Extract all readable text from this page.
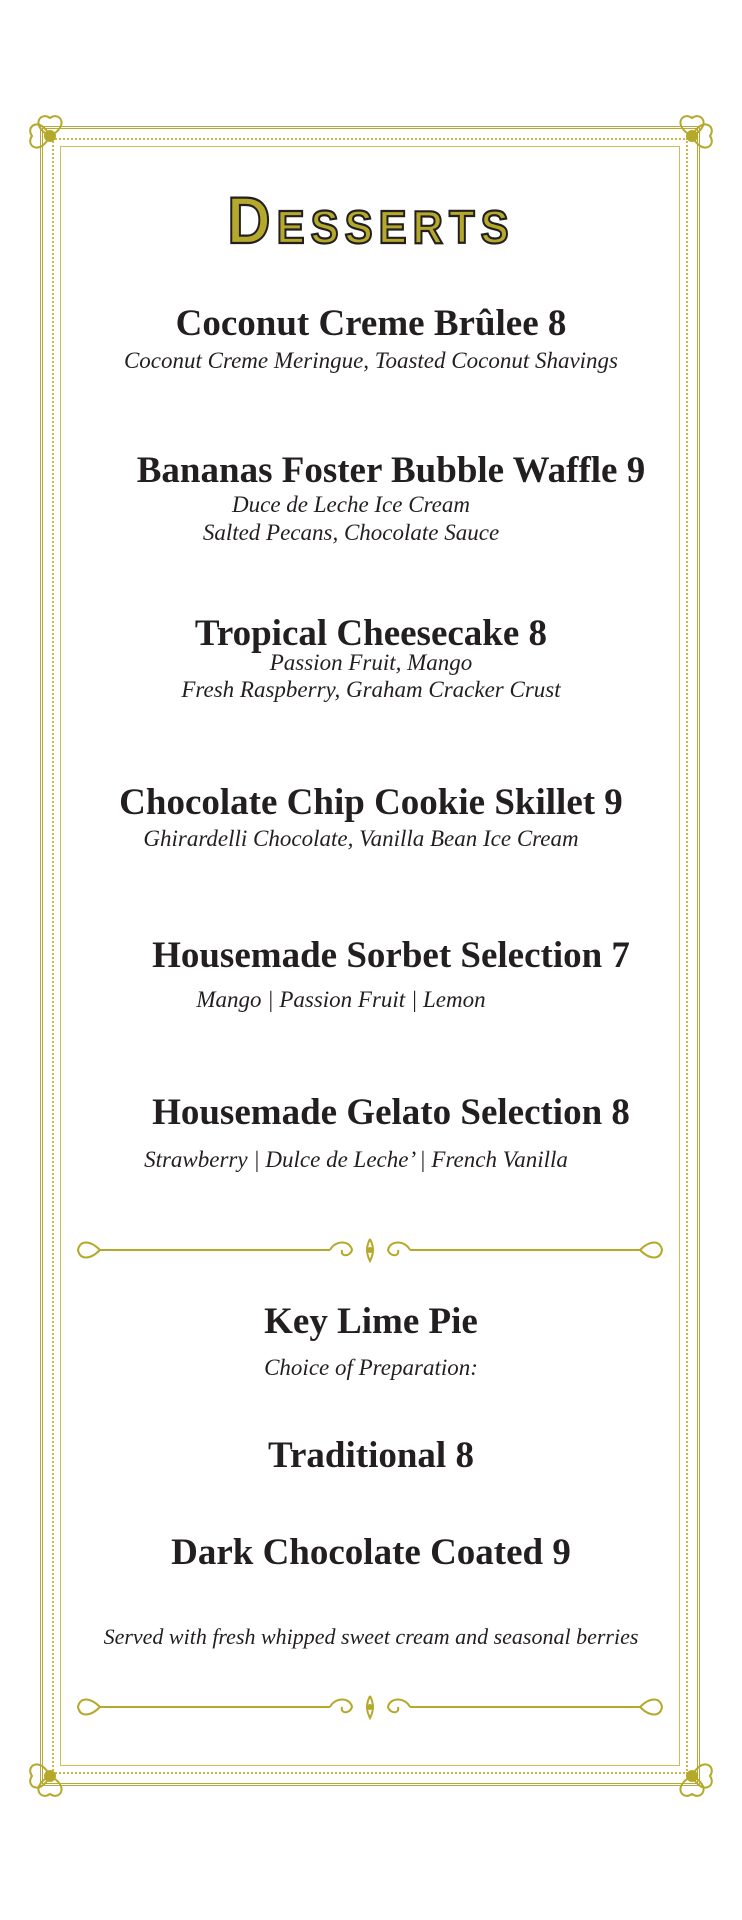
Desserts
Coconut Creme Brûlee 8
Coconut Creme Meringue, Toasted Coconut Shavings
Bananas Foster Bubble Waffle 9
Duce de Leche Ice Cream
Salted Pecans, Chocolate Sauce
Tropical Cheesecake 8
Passion Fruit, Mango
Fresh Raspberry, Graham Cracker Crust
Chocolate Chip Cookie Skillet 9
Ghirardelli Chocolate, Vanilla Bean Ice Cream
Housemade Sorbet Selection 7
Mango | Passion Fruit | Lemon
Housemade Gelato Selection 8
Strawberry | Dulce de Leche’ | French Vanilla
Key Lime Pie
Choice of Preparation:
Traditional 8
Dark Chocolate Coated 9
Served with fresh whipped sweet cream and seasonal berries
